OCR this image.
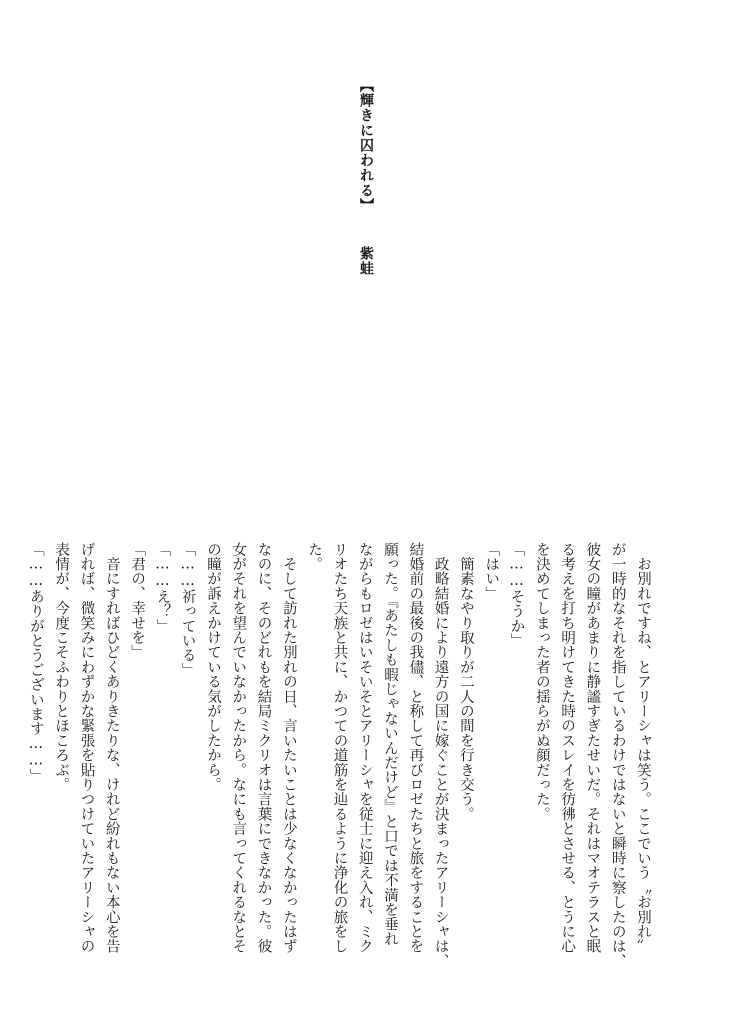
【輝きに囚われる】

紫蛙

　お別れですね、とアリーシャは笑う。ここでいう〝お別れ〟

が一時的なそれを指しているわけではないと瞬時に察したのは、

彼女の瞳があまりに静謐すぎたせいだ。それはマオテラスと眠

る考えを打ち明けてきた時のスレイを彷彿とさせる、とうに心

を決めてしまった者の揺らがぬ顔だった。

「……そうか」

「はい」

　簡素なやり取りが二人の間を行き交う。

　政略結婚により遠方の国に嫁ぐことが決まったアリーシャは、

結婚前の最後の我儘、と称して再びロゼたちと旅をすることを

願った。『あたしも暇じゃないんだけど』と口では不満を垂れ

ながらもロゼはいそいそとアリーシャを従士に迎え入れ、ミク

リオたち天族と共に、かつての道筋を辿るように浄化の旅をし

た。

　そして訪れた別れの日、言いたいことは少なくなかったはず

なのに、そのどれもを結局ミクリオは言葉にできなかった。彼

女がそれを望んでいなかったから。なにも言ってくれるなとそ

の瞳が訴えかけている気がしたから。

「……祈っている」

「……え？」

「君の、幸せを」

　音にすればひどくありきたりな、けれど紛れもない本心を告

げれば、微笑みにわずかな緊張を貼りつけていたアリーシャの

表情が、今度こそふわりとほころぶ。

「……ありがとうございます……」
